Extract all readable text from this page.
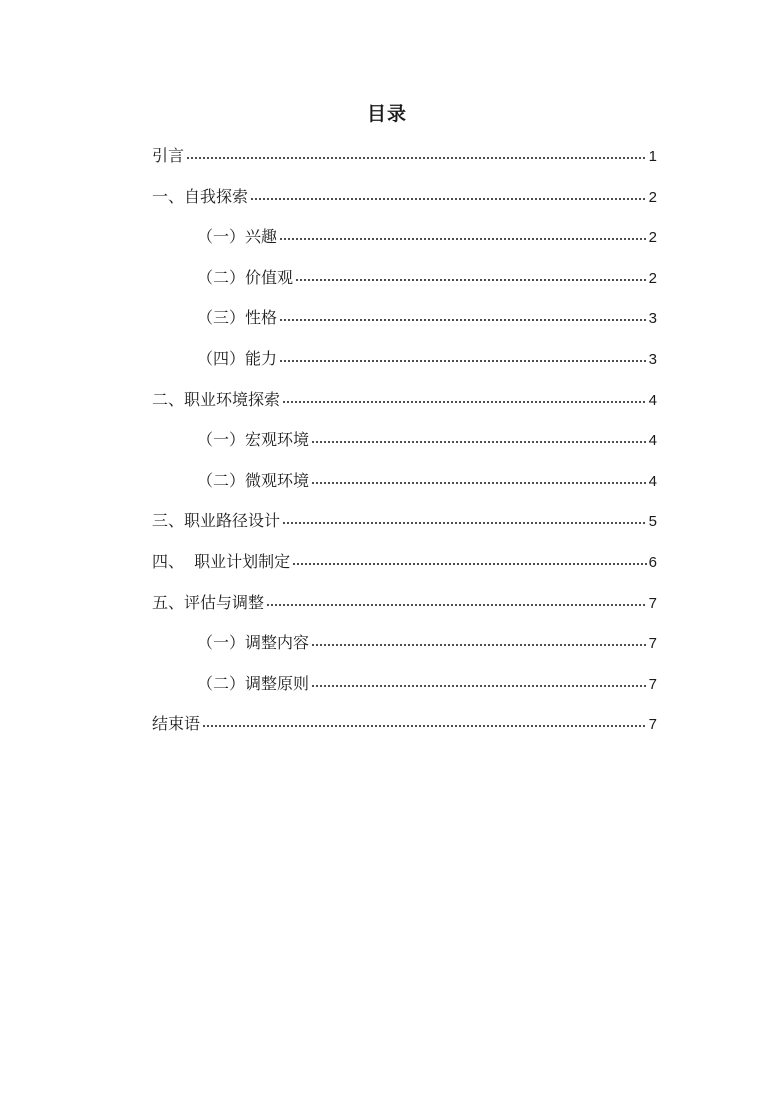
目录
引言	1
一、自我探索	2
（一）兴趣	2
（二）价值观	2
（三）性格	3
（四）能力	3
二、职业环境探索	4
（一）宏观环境	4
（二）微观环境	4
三、职业路径设计	5
四、  职业计划制定	6
五、评估与调整	7
（一）调整内容	7
（二）调整原则	7
结束语	7
